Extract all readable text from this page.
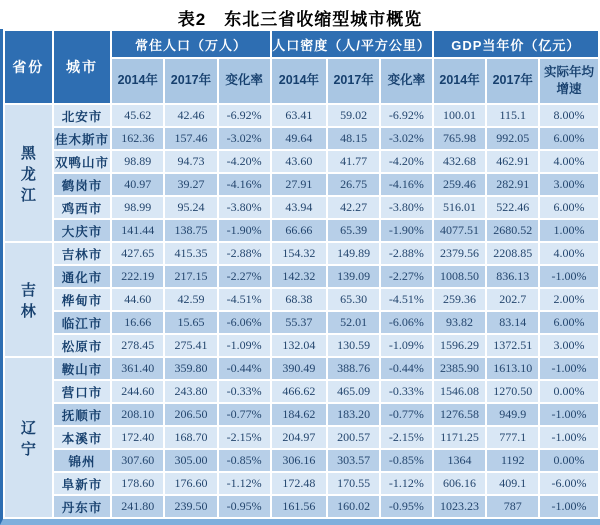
表2　东北三省收缩型城市概览
省份	城市	常住人口（万人）			人口密度（人/平方公里）			GDP当年价（亿元）		
		2014年	2017年	变化率	2014年	2017年	变化率	2014年	2017年	实际年均增速

黑
龙
江	北安市	45.62	42.46	-6.92%	63.41	59.02	-6.92%	100.01	115.1	8.00%
	佳木斯市	162.36	157.46	-3.02%	49.64	48.15	-3.02%	765.98	992.05	6.00%
	双鸭山市	98.89	94.73	-4.20%	43.60	41.77	-4.20%	432.68	462.91	4.00%
	鹤岗市	40.97	39.27	-4.16%	27.91	26.75	-4.16%	259.46	282.91	3.00%
	鸡西市	98.99	95.24	-3.80%	43.94	42.27	-3.80%	516.01	522.46	6.00%
	大庆市	141.44	138.75	-1.90%	66.66	65.39	-1.90%	4077.51	2680.52	1.00%

吉
林	吉林市	427.65	415.35	-2.88%	154.32	149.89	-2.88%	2379.56	2208.85	4.00%
	通化市	222.19	217.15	-2.27%	142.32	139.09	-2.27%	1008.50	836.13	-1.00%
	桦甸市	44.60	42.59	-4.51%	68.38	65.30	-4.51%	259.36	202.7	2.00%
	临江市	16.66	15.65	-6.06%	55.37	52.01	-6.06%	93.82	83.14	6.00%
	松原市	278.45	275.41	-1.09%	132.04	130.59	-1.09%	1596.29	1372.51	3.00%

辽
宁	鞍山市	361.40	359.80	-0.44%	390.49	388.76	-0.44%	2385.90	1613.10	-1.00%
	营口市	244.60	243.80	-0.33%	466.62	465.09	-0.33%	1546.08	1270.50	0.00%
	抚顺市	208.10	206.50	-0.77%	184.62	183.20	-0.77%	1276.58	949.9	-1.00%
	本溪市	172.40	168.70	-2.15%	204.97	200.57	-2.15%	1171.25	777.1	-1.00%
	锦州	307.60	305.00	-0.85%	306.16	303.57	-0.85%	1364	1192	0.00%
	阜新市	178.60	176.60	-1.12%	172.48	170.55	-1.12%	606.16	409.1	-6.00%
	丹东市	241.80	239.50	-0.95%	161.56	160.02	-0.95%	1023.23	787	-1.00%
